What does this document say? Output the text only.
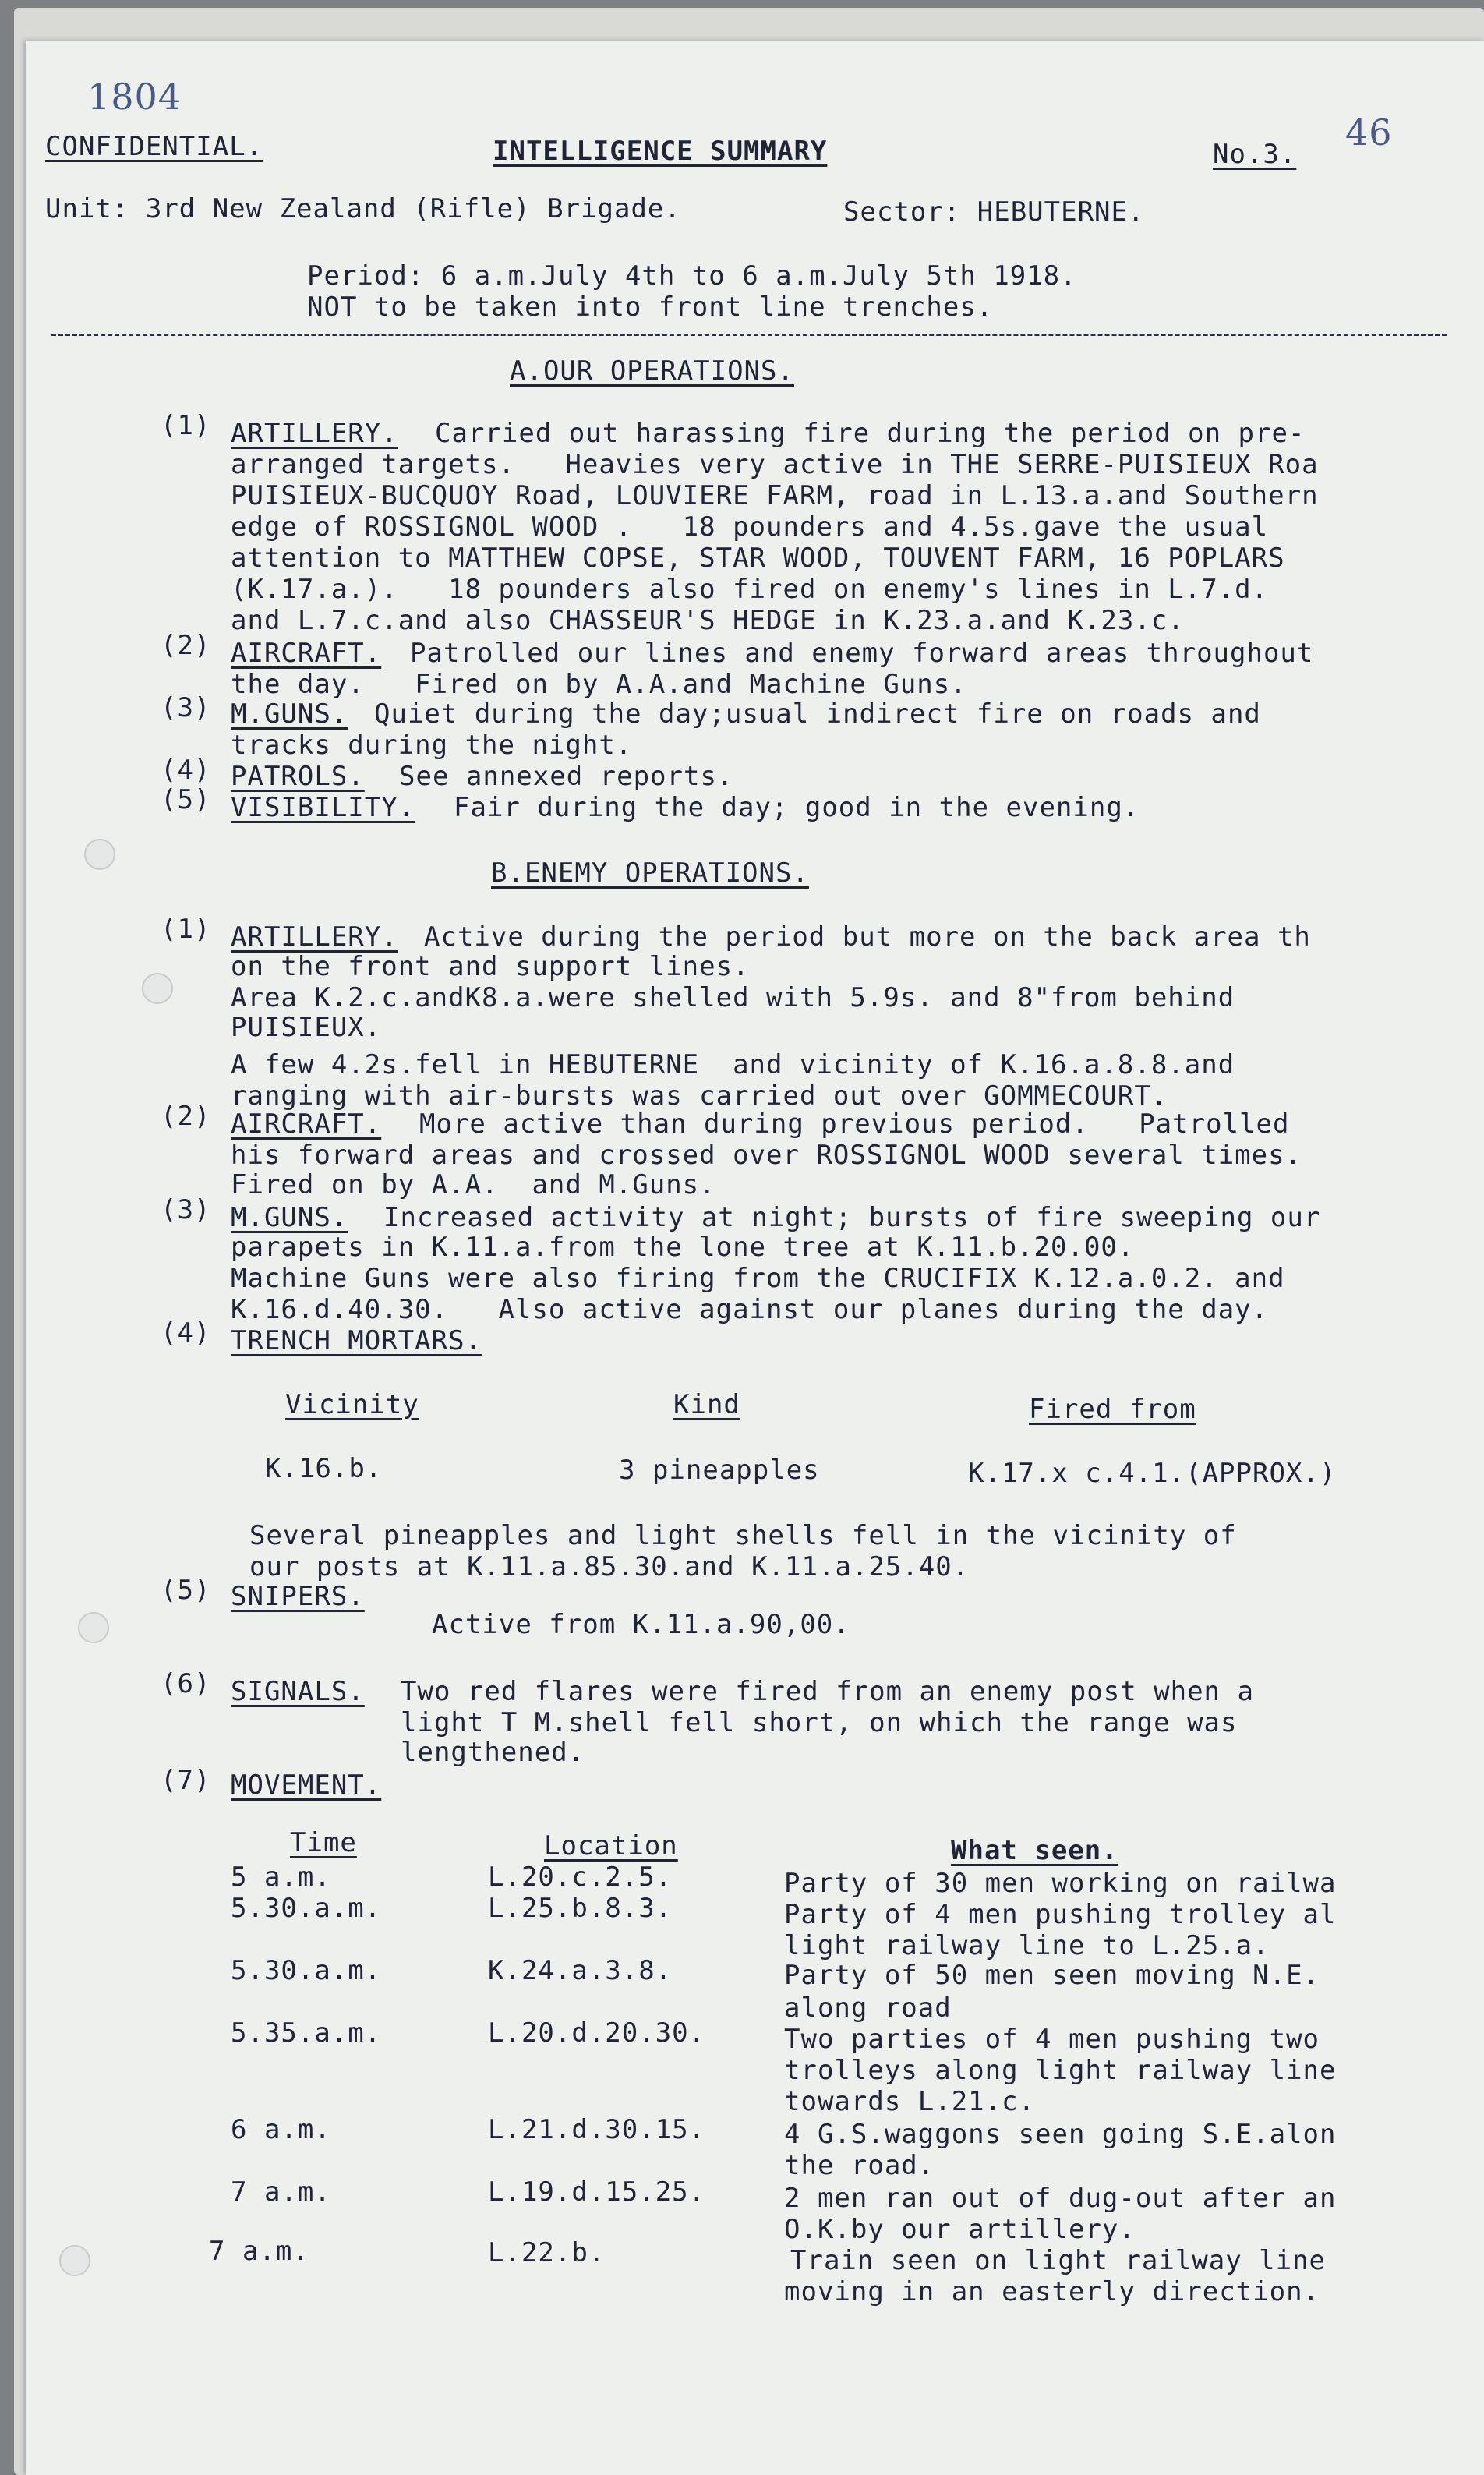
1804
46
CONFIDENTIAL.	INTELLIGENCE SUMMARY	No.3.
Unit: 3rd New Zealand (Rifle) Brigade.	Sector: HEBUTERNE.
Period: 6 a.m.July 4th to 6 a.m.July 5th 1918.
NOT to be taken into front line trenches.
A.OUR OPERATIONS.
(1) ARTILLERY. Carried out harassing fire during the period on pre-
arranged targets.   Heavies very active in THE SERRE-PUISIEUX Roa
PUISIEUX-BUCQUOY Road, LOUVIERE FARM, road in L.13.a.and Southern
edge of ROSSIGNOL WOOD .   18 pounders and 4.5s.gave the usual
attention to MATTHEW COPSE, STAR WOOD, TOUVENT FARM, 16 POPLARS
(K.17.a.).   18 pounders also fired on enemy's lines in L.7.d.
and L.7.c.and also CHASSEUR'S HEDGE in K.23.a.and K.23.c.
(2) AIRCRAFT. Patrolled our lines and enemy forward areas throughout
the day.   Fired on by A.A.and Machine Guns.
(3) M.GUNS. Quiet during the day;usual indirect fire on roads and
tracks during the night.
(4) PATROLS. See annexed reports.
(5) VISIBILITY. Fair during the day; good in the evening.
B.ENEMY OPERATIONS.
(1) ARTILLERY. Active during the period but more on the back area th
on the front and support lines.
Area K.2.c.andK8.a.were shelled with 5.9s. and 8"from behind
PUISIEUX.
A few 4.2s.fell in HEBUTERNE  and vicinity of K.16.a.8.8.and
ranging with air-bursts was carried out over GOMMECOURT.
(2) AIRCRAFT. More active than during previous period.   Patrolled
his forward areas and crossed over ROSSIGNOL WOOD several times.
Fired on by A.A.  and M.Guns.
(3) M.GUNS. Increased activity at night; bursts of fire sweeping our
parapets in K.11.a.from the lone tree at K.11.b.20.00.
Machine Guns were also firing from the CRUCIFIX K.12.a.0.2. and
K.16.d.40.30.   Also active against our planes during the day.
(4) TRENCH MORTARS.
Vicinity	Kind	Fired from
K.16.b.	3 pineapples	K.17.x c.4.1.(APPROX.)
Several pineapples and light shells fell in the vicinity of
our posts at K.11.a.85.30.and K.11.a.25.40.
(5) SNIPERS.
Active from K.11.a.90,00.
(6) SIGNALS. Two red flares were fired from an enemy post when a
light T M.shell fell short, on which the range was
lengthened.
(7) MOVEMENT.
Time	Location	What seen.
5 a.m.	L.20.c.2.5.	Party of 30 men working on railwa
5.30.a.m.	L.25.b.8.3.	Party of 4 men pushing trolley al
light railway line to L.25.a.
5.30.a.m.	K.24.a.3.8.	Party of 50 men seen moving N.E.
along road
5.35.a.m.	L.20.d.20.30.	Two parties of 4 men pushing two
trolleys along light railway line
towards L.21.c.
6 a.m.	L.21.d.30.15.	4 G.S.waggons seen going S.E.alon
the road.
7 a.m.	L.19.d.15.25.	2 men ran out of dug-out after an
O.K.by our artillery.
7 a.m.	L.22.b.	Train seen on light railway line
moving in an easterly direction.
